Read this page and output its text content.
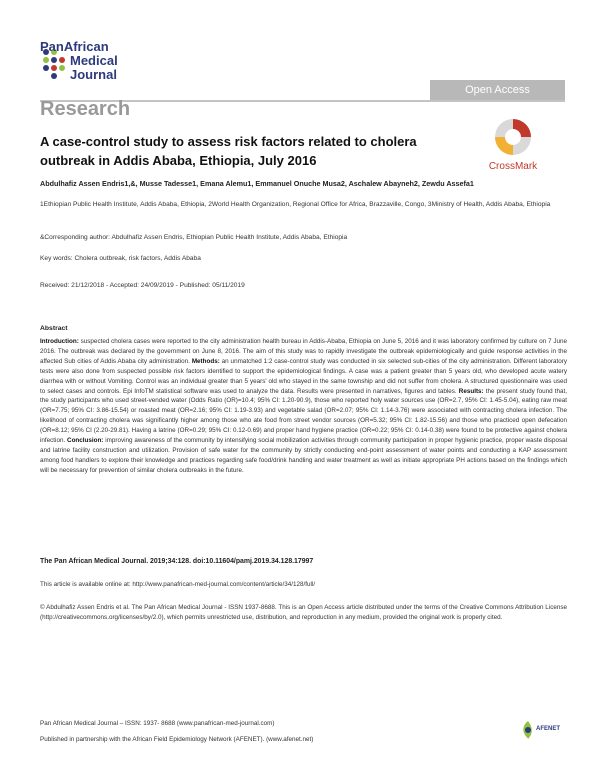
PanAfrican
Medical
Journal
Open Access
Research
A case-control study to assess risk factors related to cholera outbreak in Addis Ababa, Ethiopia, July 2016	CrossMark
Abdulhafiz Assen Endris1,&, Musse Tadesse1, Emana Alemu1, Emmanuel Onuche Musa2, Aschalew Abayneh2, Zewdu Assefa1
1Ethiopian Public Health Institute, Addis Ababa, Ethiopia, 2World Health Organization, Regional Office for Africa, Brazzaville, Congo, 3Ministry of Health, Addis Ababa, Ethiopia
&Corresponding author: Abdulhafiz Assen Endris, Ethiopian Public Health Institute, Addis Ababa, Ethiopia
Key words: Cholera outbreak, risk factors, Addis Ababa
Received: 21/12/2018 - Accepted: 24/09/2019 - Published: 05/11/2019
Abstract
Introduction: suspected cholera cases were reported to the city administration health bureau in Addis-Ababa, Ethiopia on June 5, 2016 and it was laboratory confirmed by culture on 7 June 2016. The outbreak was declared by the government on June 8, 2016. The aim of this study was to rapidly investigate the outbreak epidemiologically and guide response activities in the affected Sub cities of Addis Ababa city administration. Methods: an unmatched 1:2 case-control study was conducted in six selected sub-cities of the city administration. Different laboratory tests were also done from suspected possible risk factors identified to support the epidemiological findings. A case was a patient greater than 5 years old, who developed acute watery diarrhea with or without Vomiting. Control was an individual greater than 5 years' old who stayed in the same township and did not suffer from cholera. A structured questionnaire was used to select cases and controls. Epi InfoTM statistical software was used to analyze the data. Results were presented in narratives, figures and tables. Results: the present study found that, the study participants who used street-vended water (Odds Ratio (OR)=10.4; 95% CI: 1.20-90.9), those who reported holy water sources use (OR=2.7, 95% CI: 1.45-5.04), eating raw meat (OR=7.75; 95% CI: 3.86-15.54) or roasted meat (OR=2.16; 95% CI: 1.19-3.93) and vegetable salad (OR=2.07; 95% CI: 1.14-3.76) were associated with contracting cholera infection. The likelihood of contracting cholera was significantly higher among those who ate food from street vendor sources (OR=5.32; 95% CI: 1.82-15.56) and those who practiced open defecation (OR=8.12; 95% CI (2.20-29.81). Having a latrine (OR=0.29; 95% CI: 0.12-0.69) and proper hand hygiene practice (OR=0.22; 95% CI: 0.14-0.38) were found to be protective against cholera infection. Conclusion: improving awareness of the community by intensifying social mobilization activities through community participation in proper hygienic practice, proper waste disposal and latrine facility construction and utilization. Provision of safe water for the community by strictly conducting end-point assessment of water points and conducting a KAP assessment among food handlers to explore their knowledge and practices regarding safe food/drink handling and water treatment as well as initiate appropriate PH actions based on the findings which will be necessary for prevention of similar cholera outbreaks in the future.
The Pan African Medical Journal. 2019;34:128. doi:10.11604/pamj.2019.34.128.17997
This article is available online at: http://www.panafrican-med-journal.com/content/article/34/128/full/
© Abdulhafiz Assen Endris et al. The Pan African Medical Journal - ISSN 1937-8688. This is an Open Access article distributed under the terms of the Creative Commons Attribution License (http://creativecommons.org/licenses/by/2.0), which permits unrestricted use, distribution, and reproduction in any medium, provided the original work is properly cited.
Pan African Medical Journal – ISSN: 1937- 8688 (www.panafrican-med-journal.com)
Published in partnership with the African Field Epidemiology Network (AFENET). (www.afenet.net)
AFENET
